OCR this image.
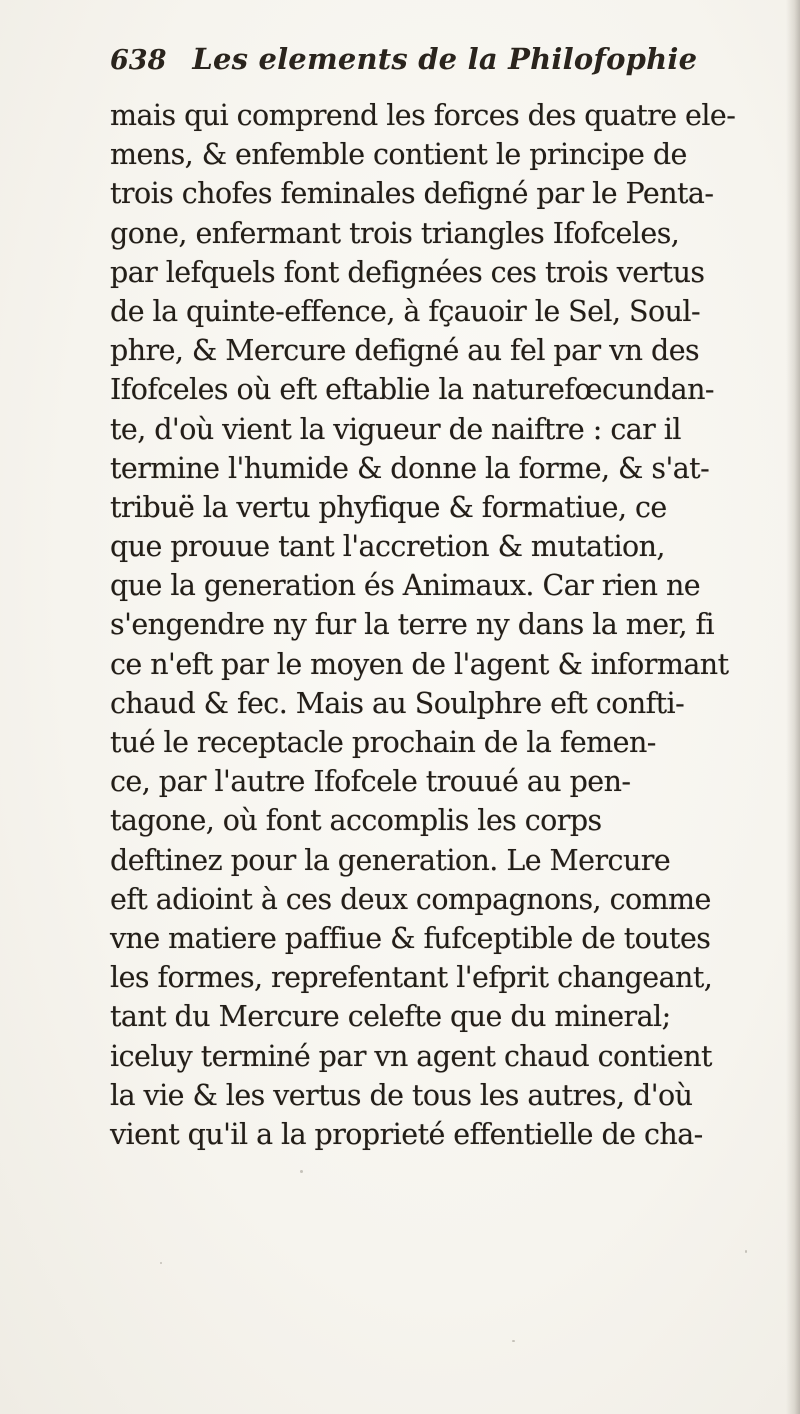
638 Les elements de la Philofophie
mais qui comprend les forces des quatre ele-
mens, & enfemble contient le principe de
trois chofes feminales defigné par le Penta-
gone, enfermant trois triangles Ifofceles,
par lefquels font defignées ces trois vertus
de la quinte-effence, à fçauoir le Sel, Soul-
phre, & Mercure defigné au fel par vn des
Ifofceles où eft eftablie la naturefœcundan-
te, d'où vient la vigueur de naiftre : car il
termine l'humide & donne la forme, & s'at-
tribuë la vertu phyfique & formatiue, ce
que prouue tant l'accretion & mutation,
que la generation és Animaux. Car rien ne
s'engendre ny fur la terre ny dans la mer, fi
ce n'eft par le moyen de l'agent & informant
chaud & fec. Mais au Soulphre eft confti-
tué le receptacle prochain de la femen-
ce, par l'autre Ifofcele trouué au pen-
tagone, où font accomplis les corps
deftinez pour la generation. Le Mercure
eft adioint à ces deux compagnons, comme
vne matiere paffiue & fufceptible de toutes
les formes, reprefentant l'efprit changeant,
tant du Mercure celefte que du mineral;
iceluy terminé par vn agent chaud contient
la vie & les vertus de tous les autres, d'où
vient qu'il a la proprieté effentielle de cha-
